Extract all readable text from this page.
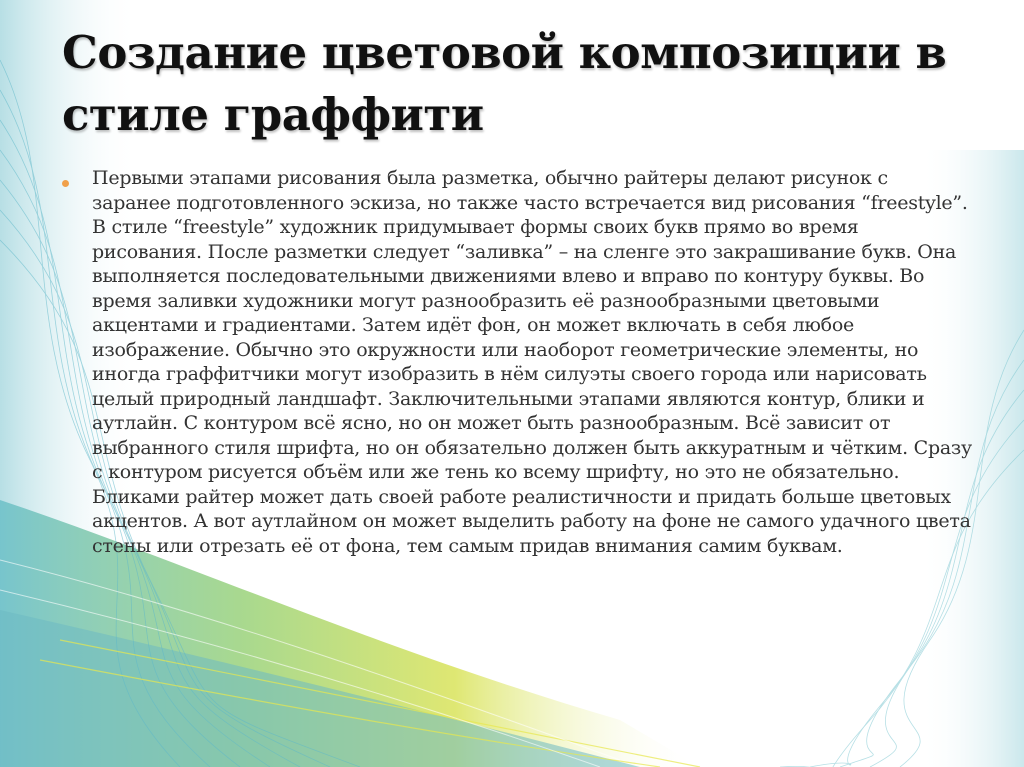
Создание цветовой композиции в стиле граффити

Первыми этапами рисования была разметка, обычно райтеры делают рисунок с заранее подготовленного эскиза, но также часто встречается вид рисования “freestyle”. В стиле “freestyle” художник придумывает формы своих букв прямо во время рисования. После разметки следует “заливка” – на сленге это закрашивание букв. Она выполняется последовательными движениями влево и вправо по контуру буквы. Во время заливки художники могут разнообразить её разнообразными цветовыми акцентами и градиентами. Затем идёт фон, он может включать в себя любое изображение. Обычно это окружности или наоборот геометрические элементы, но иногда граффитчики могут изобразить в нём силуэты своего города или нарисовать целый природный ландшафт. Заключительными этапами являются контур, блики и аутлайн. С контуром всё ясно, но он может быть разнообразным. Всё зависит от выбранного стиля шрифта, но он обязательно должен быть аккуратным и чётким. Сразу с контуром рисуется объём или же тень ко всему шрифту, но это не обязательно. Бликами райтер может дать своей работе реалистичности и придать больше цветовых акцентов. А вот аутлайном он может выделить работу на фоне не самого удачного цвета стены или отрезать её от фона, тем самым придав внимания самим буквам.
